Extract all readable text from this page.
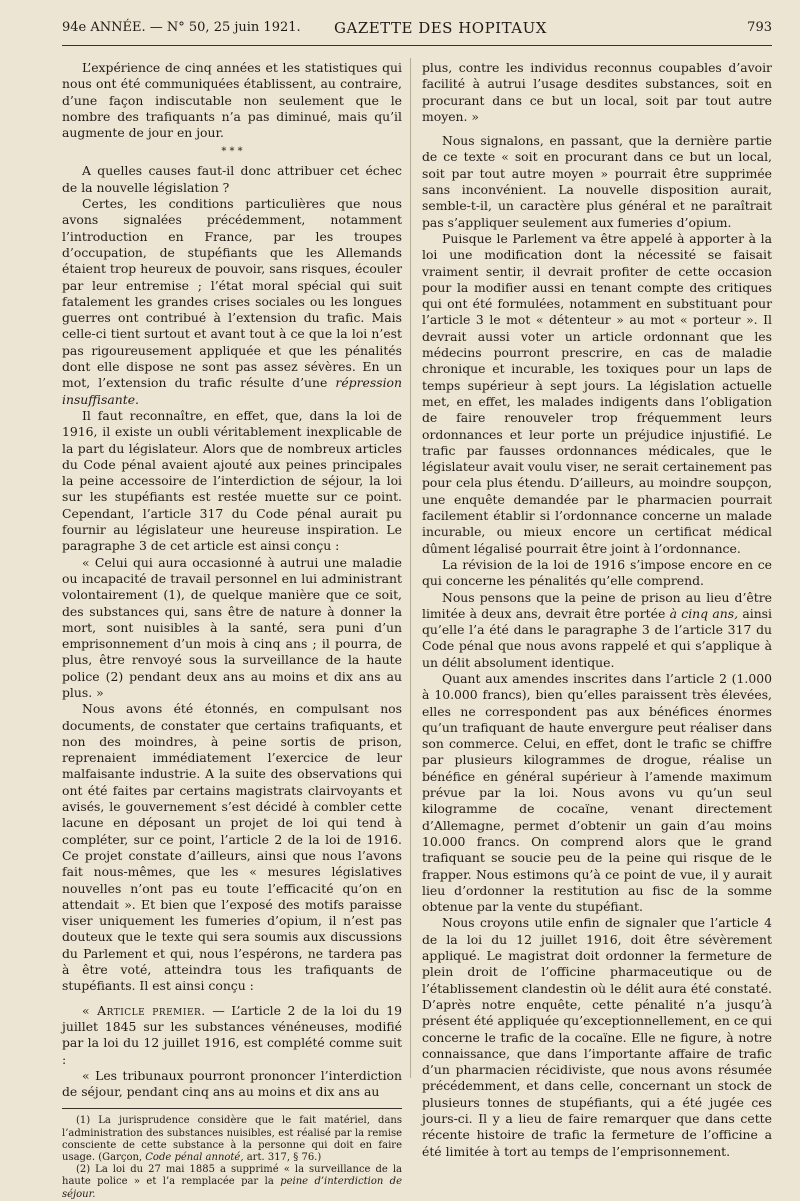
94e ANNÉE. — N° 50, 25 juin 1921. GAZETTE DES HOPITAUX	793

L’expérience de cinq années et les statistiques qui nous ont été communiquées établissent, au contraire, d’une façon indiscutable non seulement que le nombre des trafiquants n’a pas diminué, mais qu’il augmente de jour en jour.

* * *

A quelles causes faut-il donc attribuer cet échec de la nouvelle législation ?

Certes, les conditions particulières que nous avons signalées précédemment, notamment l’introduction en France, par les troupes d’occupation, de stupéfiants que les Allemands étaient trop heureux de pouvoir, sans risques, écouler par leur entremise ; l’état moral spécial qui suit fatalement les grandes crises sociales ou les longues guerres ont contribué à l’extension du trafic. Mais celle-ci tient surtout et avant tout à ce que la loi n’est pas rigoureusement appliquée et que les pénalités dont elle dispose ne sont pas assez sévères. En un mot, l’extension du trafic résulte d’une répression insuffisante.

Il faut reconnaître, en effet, que, dans la loi de 1916, il existe un oubli véritablement inexplicable de la part du législateur. Alors que de nombreux articles du Code pénal avaient ajouté aux peines principales la peine accessoire de l’interdiction de séjour, la loi sur les stupéfiants est restée muette sur ce point. Cependant, l’article 317 du Code pénal aurait pu fournir au législateur une heureuse inspiration. Le paragraphe 3 de cet article est ainsi conçu :

« Celui qui aura occasionné à autrui une maladie ou incapacité de travail personnel en lui administrant volontairement (1), de quelque manière que ce soit, des substances qui, sans être de nature à donner la mort, sont nuisibles à la santé, sera puni d’un emprisonnement d’un mois à cinq ans ; il pourra, de plus, être renvoyé sous la surveillance de la haute police (2) pendant deux ans au moins et dix ans au plus. »

Nous avons été étonnés, en compulsant nos documents, de constater que certains trafiquants, et non des moindres, à peine sortis de prison, reprenaient immédiatement l’exercice de leur malfaisante industrie. A la suite des observations qui ont été faites par certains magistrats clairvoyants et avisés, le gouvernement s’est décidé à combler cette lacune en déposant un projet de loi qui tend à compléter, sur ce point, l’article 2 de la loi de 1916. Ce projet constate d’ailleurs, ainsi que nous l’avons fait nous-mêmes, que les « mesures législatives nouvelles n’ont pas eu toute l’efficacité qu’on en attendait ». Et bien que l’exposé des motifs paraisse viser uniquement les fumeries d’opium, il n’est pas douteux que le texte qui sera soumis aux discussions du Parlement et qui, nous l’espérons, ne tardera pas à être voté, atteindra tous les trafiquants de stupéfiants. Il est ainsi conçu :

« Article premier. — L’article 2 de la loi du 19 juillet 1845 sur les substances vénéneuses, modifié par la loi du 12 juillet 1916, est complété comme suit :

« Les tribunaux pourront prononcer l’interdiction de séjour, pendant cinq ans au moins et dix ans au

(1) La jurisprudence considère que le fait matériel, dans l’administration des substances nuisibles, est réalisé par la remise consciente de cette substance à la personne qui doit en faire usage. (Garçon, Code pénal annoté, art. 317, § 76.)

(2) La loi du 27 mai 1885 a supprimé « la surveillance de la haute police » et l’a remplacée par la peine d’interdiction de séjour.

plus, contre les individus reconnus coupables d’avoir facilité à autrui l’usage desdites substances, soit en procurant dans ce but un local, soit par tout autre moyen. »

Nous signalons, en passant, que la dernière partie de ce texte « soit en procurant dans ce but un local, soit par tout autre moyen » pourrait être supprimée sans inconvénient. La nouvelle disposition aurait, semble-t-il, un caractère plus général et ne paraîtrait pas s’appliquer seulement aux fumeries d’opium.

Puisque le Parlement va être appelé à apporter à la loi une modification dont la nécessité se faisait vraiment sentir, il devrait profiter de cette occasion pour la modifier aussi en tenant compte des critiques qui ont été formulées, notamment en substituant pour l’article 3 le mot « détenteur » au mot « porteur ». Il devrait aussi voter un article ordonnant que les médecins pourront prescrire, en cas de maladie chronique et incurable, les toxiques pour un laps de temps supérieur à sept jours. La législation actuelle met, en effet, les malades indigents dans l’obligation de faire renouveler trop fréquemment leurs ordonnances et leur porte un préjudice injustifié. Le trafic par fausses ordonnances médicales, que le législateur avait voulu viser, ne serait certainement pas pour cela plus étendu. D’ailleurs, au moindre soupçon, une enquête demandée par le pharmacien pourrait facilement établir si l’ordonnance concerne un malade incurable, ou mieux encore un certificat médical dûment légalisé pourrait être joint à l’ordonnance.

La révision de la loi de 1916 s’impose encore en ce qui concerne les pénalités qu’elle comprend.

Nous pensons que la peine de prison au lieu d’être limitée à deux ans, devrait être portée à cinq ans, ainsi qu’elle l’a été dans le paragraphe 3 de l’article 317 du Code pénal que nous avons rappelé et qui s’applique à un délit absolument identique.

Quant aux amendes inscrites dans l’article 2 (1.000 à 10.000 francs), bien qu’elles paraissent très élevées, elles ne correspondent pas aux bénéfices énormes qu’un trafiquant de haute envergure peut réaliser dans son commerce. Celui, en effet, dont le trafic se chiffre par plusieurs kilogrammes de drogue, réalise un bénéfice en général supérieur à l’amende maximum prévue par la loi. Nous avons vu qu’un seul kilogramme de cocaïne, venant directement d’Allemagne, permet d’obtenir un gain d’au moins 10.000 francs. On comprend alors que le grand trafiquant se soucie peu de la peine qui risque de le frapper. Nous estimons qu’à ce point de vue, il y aurait lieu d’ordonner la restitution au fisc de la somme obtenue par la vente du stupéfiant.

Nous croyons utile enfin de signaler que l’article 4 de la loi du 12 juillet 1916, doit être sévèrement appliqué. Le magistrat doit ordonner la fermeture de plein droit de l’officine pharmaceutique ou de l’établissement clandestin où le délit aura été constaté. D’après notre enquête, cette pénalité n’a jusqu’à présent été appliquée qu’exceptionnellement, en ce qui concerne le trafic de la cocaïne. Elle ne figure, à notre connaissance, que dans l’importante affaire de trafic d’un pharmacien récidiviste, que nous avons résumée précédemment, et dans celle, concernant un stock de plusieurs tonnes de stupéfiants, qui a été jugée ces jours-ci. Il y a lieu de faire remarquer que dans cette récente histoire de trafic la fermeture de l’officine a été limitée à tort au temps de l’emprisonnement.
